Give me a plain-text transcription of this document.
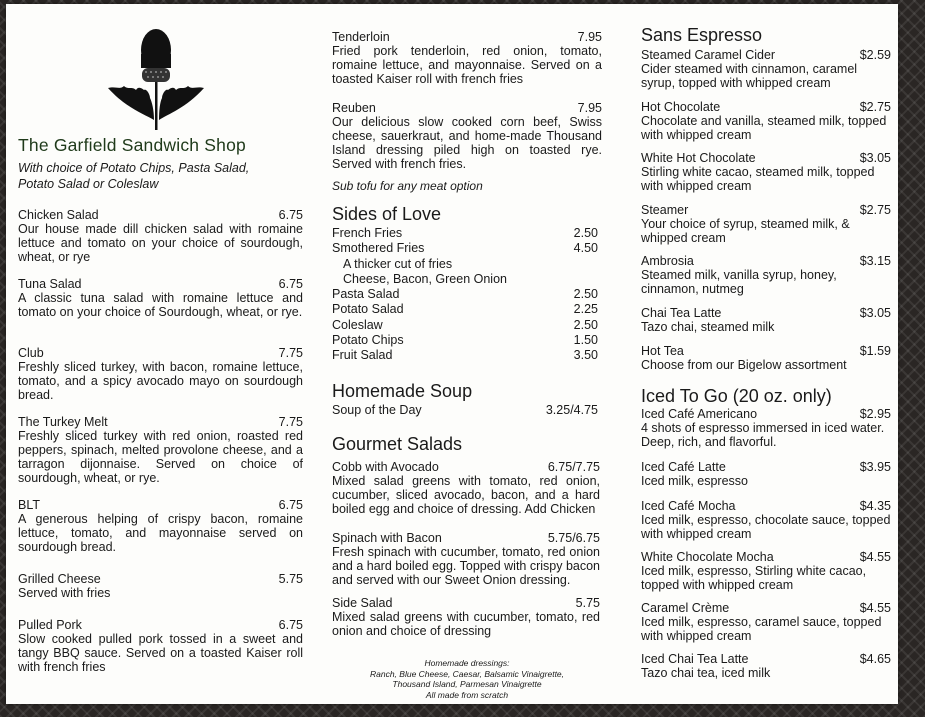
The Garfield Sandwich Shop
With choice of Potato Chips, Pasta Salad, Potato Salad or Coleslaw
Chicken Salad	6.75
Our house made dill chicken salad with romaine lettuce and tomato on your choice of sourdough, wheat, or rye
Tuna Salad	6.75
A classic tuna salad with romaine lettuce and tomato on your choice of Sourdough, wheat, or rye.
Club	7.75
Freshly sliced turkey, with bacon, romaine lettuce, tomato, and a spicy avocado mayo on sourdough bread.
The Turkey Melt	7.75
Freshly sliced turkey with red onion, roasted red peppers, spinach, melted provolone cheese, and a tarragon dijonnaise. Served on choice of sourdough, wheat, or rye.
BLT	6.75
A generous helping of crispy bacon, romaine lettuce, tomato, and mayonnaise served on sourdough bread.
Grilled Cheese	5.75
Served with fries
Pulled Pork	6.75
Slow cooked pulled pork tossed in a sweet and tangy BBQ sauce. Served on a toasted Kaiser roll with french fries
Tenderloin	7.95
Fried pork tenderloin, red onion, tomato, romaine lettuce, and mayonnaise. Served on a toasted Kaiser roll with french fries
Reuben	7.95
Our delicious slow cooked corn beef, Swiss cheese, sauerkraut, and home-made Thousand Island dressing piled high on toasted rye. Served with french fries.
Sub tofu for any meat option
Sides of Love
French Fries	2.50
Smothered Fries	4.50
A thicker cut of fries
Cheese, Bacon, Green Onion
Pasta Salad	2.50
Potato Salad	2.25
Coleslaw	2.50
Potato Chips	1.50
Fruit Salad	3.50
Homemade Soup
Soup of the Day	3.25/4.75
Gourmet Salads
Cobb with Avocado	6.75/7.75
Mixed salad greens with tomato, red onion, cucumber, sliced avocado, bacon, and a hard boiled egg and choice of dressing. Add Chicken
Spinach with Bacon	5.75/6.75
Fresh spinach with cucumber, tomato, red onion and a hard boiled egg. Topped with crispy bacon and served with our Sweet Onion dressing.
Side Salad	5.75
Mixed salad greens with cucumber, tomato, red onion and choice of dressing
Homemade dressings:
Ranch, Blue Cheese, Caesar, Balsamic Vinaigrette,
Thousand Island, Parmesan Vinaigrette
All made from scratch
Sans Espresso
Steamed Caramel Cider	$2.59
Cider steamed with cinnamon, caramel syrup, topped with whipped cream
Hot Chocolate	$2.75
Chocolate and vanilla, steamed milk, topped with whipped cream
White Hot Chocolate	$3.05
Stirling white cacao, steamed milk, topped with whipped cream
Steamer	$2.75
Your choice of syrup, steamed milk, & whipped cream
Ambrosia	$3.15
Steamed milk, vanilla syrup, honey, cinnamon, nutmeg
Chai Tea Latte	$3.05
Tazo chai, steamed milk
Hot Tea	$1.59
Choose from our Bigelow assortment
Iced To Go (20 oz. only)
Iced Café Americano	$2.95
4 shots of espresso immersed in iced water. Deep, rich, and flavorful.
Iced Café Latte	$3.95
Iced milk, espresso
Iced Café Mocha	$4.35
Iced milk, espresso, chocolate sauce, topped with whipped cream
White Chocolate Mocha	$4.55
Iced milk, espresso, Stirling white cacao, topped with whipped cream
Caramel Crème	$4.55
Iced milk, espresso, caramel sauce, topped with whipped cream
Iced Chai Tea Latte	$4.65
Tazo chai tea, iced milk
